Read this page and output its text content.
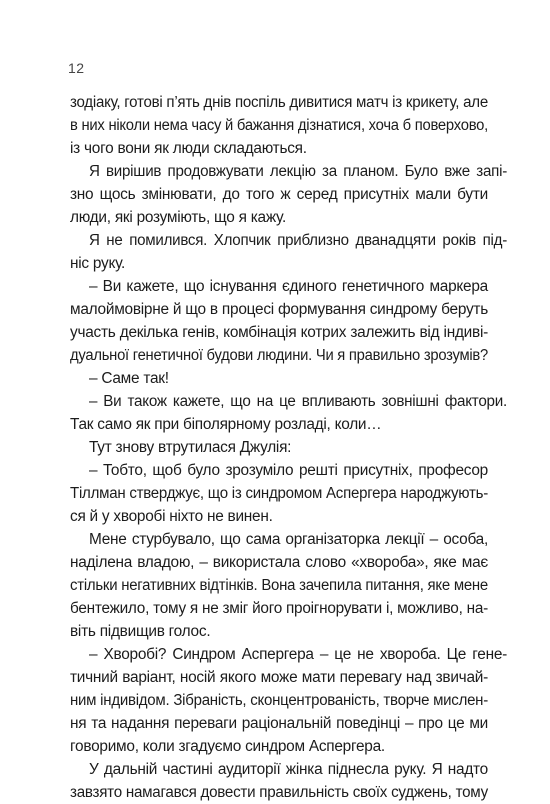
12
зодіаку, готові п’ять днів поспіль дивитися матч із крикету, але
в них ніколи нема часу й бажання дізнатися, хоча б поверхово,
із чого вони як люди складаються.
Я вирішив продовжувати лекцію за планом. Було вже запі-
зно щось змінювати, до того ж серед присутніх мали бути
люди, які розуміють, що я кажу.
Я не помилився. Хлопчик приблизно дванадцяти років під-
ніс руку.
– Ви кажете, що існування єдиного генетичного маркера
малоймовірне й що в процесі формування синдрому беруть
участь декілька генів, комбінація котрих залежить від індиві-
дуальної генетичної будови людини. Чи я правильно зрозумів?
– Саме так!
– Ви також кажете, що на це впливають зовнішні фактори.
Так само як при біполярному розладі, коли…
Тут знову втрутилася Джулія:
– Тобто, щоб було зрозуміло решті присутніх, професор
Тіллман стверджує, що із синдромом Аспергера народжують-
ся й у хворобі ніхто не винен.
Мене стурбувало, що сама організаторка лекції – особа,
наділена владою, – використала слово «хвороба», яке має
стільки негативних відтінків. Вона зачепила питання, яке мене
бентежило, тому я не зміг його проігнорувати і, можливо, на-
віть підвищив голос.
– Хворобі? Синдром Аспергера – це не хвороба. Це гене-
тичний варіант, носій якого може мати перевагу над звичай-
ним індивідом. Зібраність, сконцентрованість, творче мислен-
ня та надання переваги раціональній поведінці – про це ми
говоримо, коли згадуємо синдром Аспергера.
У дальній частині аудиторії жінка піднесла руку. Я надто
завзято намагався довести правильність своїх суджень, тому
